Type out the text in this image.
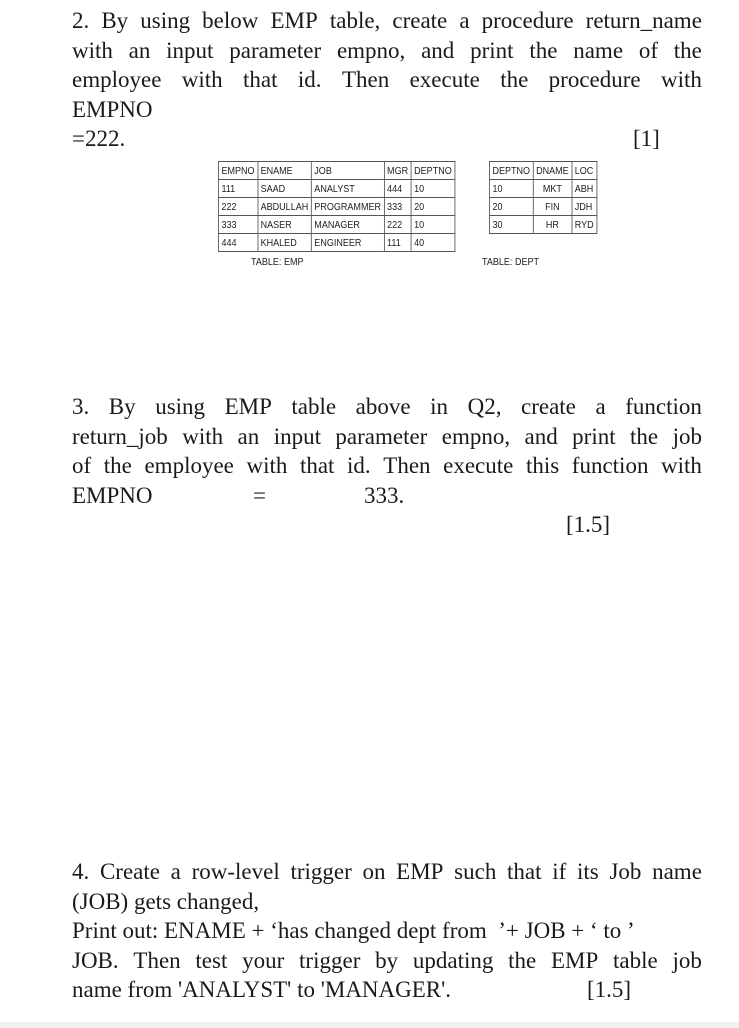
2. By using below EMP table, create a procedure return_name
with an input parameter empno, and print the name of the
employee with that id. Then execute the procedure with
EMPNO
=222.	[1]
EMPNO	ENAME	JOB	MGR	DEPTNO
111	SAAD	ANALYST	444	10
222	ABDULLAH	PROGRAMMER	333	20
333	NASER	MANAGER	222	10
444	KHALED	ENGINEER	111	40
TABLE: EMP
DEPTNO	DNAME	LOC
10	MKT	ABH
20	FIN	JDH
30	HR	RYD
TABLE: DEPT
3. By using EMP table above in Q2, create a function
return_job with an input parameter empno, and print the job
of the employee with that id. Then execute this function with
EMPNO	=	333.
[1.5]
4. Create a row-level trigger on EMP such that if its Job name
(JOB) gets changed,
Print out: ENAME + ‘has changed dept from  ’+ JOB + ‘ to ’
JOB. Then test your trigger by updating the EMP table job
name from 'ANALYST' to 'MANAGER'.	[1.5]
